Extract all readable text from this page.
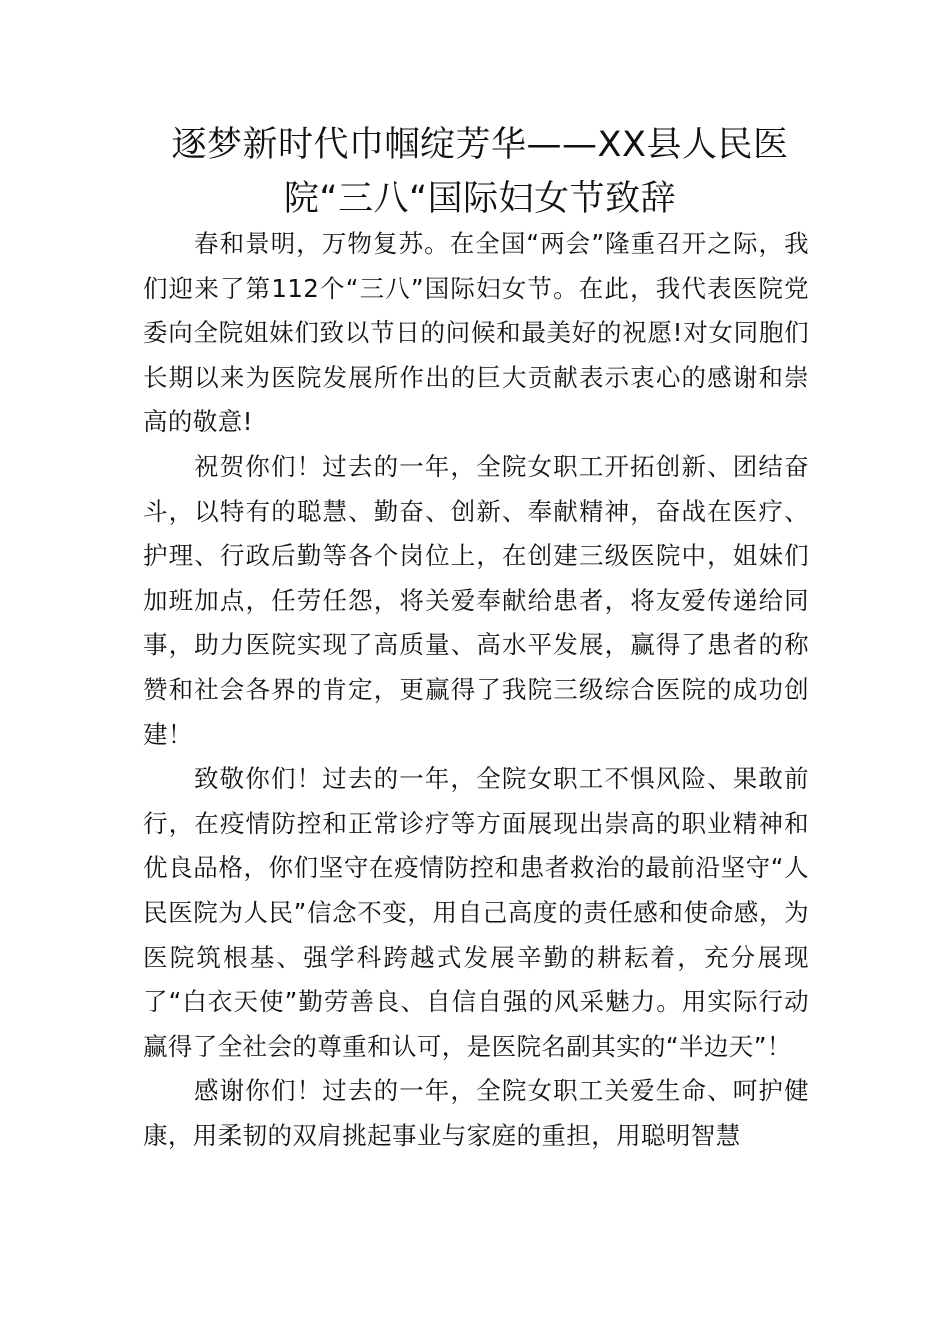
逐梦新时代巾帼绽芳华——XX县人民医院“三八“国际妇女节致辞

春和景明，万物复苏。在全国“两会”隆重召开之际，我们迎来了第112个“三八”国际妇女节。在此，我代表医院党委向全院姐妹们致以节日的问候和最美好的祝愿!对女同胞们长期以来为医院发展所作出的巨大贡献表示衷心的感谢和崇高的敬意!

祝贺你们！过去的一年，全院女职工开拓创新、团结奋斗，以特有的聪慧、勤奋、创新、奉献精神，奋战在医疗、护理、行政后勤等各个岗位上，在创建三级医院中，姐妹们加班加点，任劳任怨，将关爱奉献给患者，将友爱传递给同事，助力医院实现了高质量、高水平发展，赢得了患者的称赞和社会各界的肯定，更赢得了我院三级综合医院的成功创建！

致敬你们！过去的一年，全院女职工不惧风险、果敢前行，在疫情防控和正常诊疗等方面展现出崇高的职业精神和优良品格，你们坚守在疫情防控和患者救治的最前沿坚守“人民医院为人民”信念不变，用自己高度的责任感和使命感，为医院筑根基、强学科跨越式发展辛勤的耕耘着，充分展现了“白衣天使”勤劳善良、自信自强的风采魅力。用实际行动赢得了全社会的尊重和认可，是医院名副其实的“半边天”！

感谢你们！过去的一年，全院女职工关爱生命、呵护健康，用柔韧的双肩挑起事业与家庭的重担，用聪明智慧
